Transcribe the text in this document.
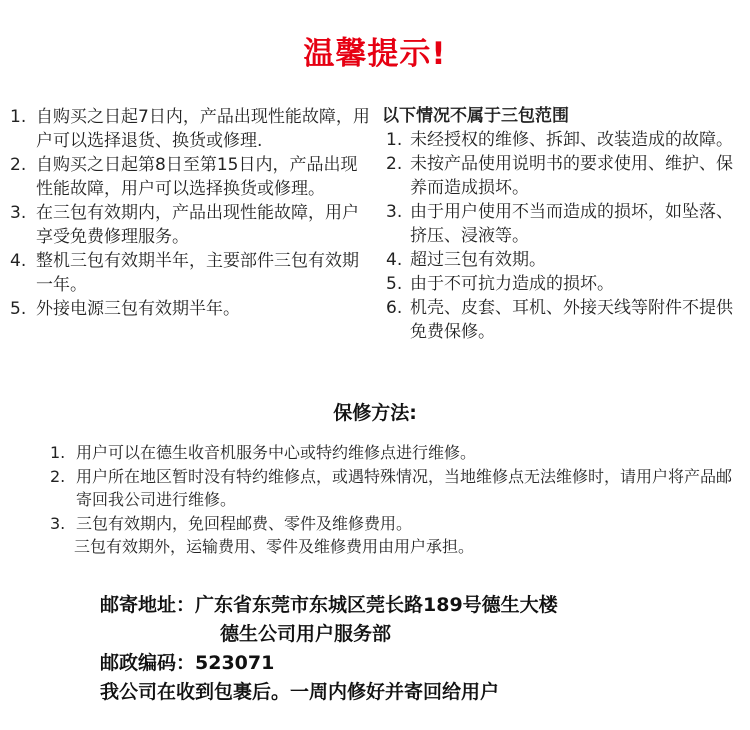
温馨提示!
1. 自购买之日起7日内，产品出现性能故障，用户可以选择退货、换货或修理.
2. 自购买之日起第8日至第15日内，产品出现性能故障，用户可以选择换货或修理。
3. 在三包有效期内，产品出现性能故障，用户享受免费修理服务。
4. 整机三包有效期半年，主要部件三包有效期一年。
5. 外接电源三包有效期半年。
以下情况不属于三包范围
1. 未经授权的维修、拆卸、改装造成的故障。
2. 未按产品使用说明书的要求使用、维护、保养而造成损坏。
3. 由于用户使用不当而造成的损坏，如坠落、挤压、浸液等。
4. 超过三包有效期。
5. 由于不可抗力造成的损坏。
6. 机壳、皮套、耳机、外接天线等附件不提供免费保修。
保修方法:
1. 用户可以在德生收音机服务中心或特约维修点进行维修。
2. 用户所在地区暂时没有特约维修点，或遇特殊情况，当地维修点无法维修时，请用户将产品邮寄回我公司进行维修。
3. 三包有效期内，免回程邮费、零件及维修费用。
三包有效期外，运输费用、零件及维修费用由用户承担。
邮寄地址：广东省东莞市东城区莞长路189号德生大楼
德生公司用户服务部
邮政编码：523071
我公司在收到包裹后。一周内修好并寄回给用户
